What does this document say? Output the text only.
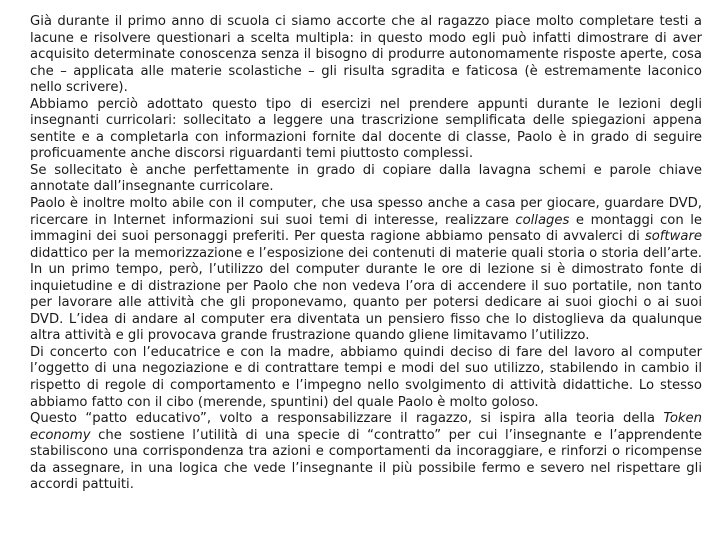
Già durante il primo anno di scuola ci siamo accorte che al ragazzo piace molto completare testi a lacune e risolvere questionari a scelta multipla: in questo modo egli può infatti dimostrare di aver acquisito determinate conoscenza senza il bisogno di produrre autonomamente risposte aperte, cosa che – applicata alle materie scolastiche – gli risulta sgradita e faticosa (è estremamente laconico nello scrivere).

Abbiamo perciò adottato questo tipo di esercizi nel prendere appunti durante le lezioni degli insegnanti curricolari: sollecitato a leggere una trascrizione semplificata delle spiegazioni appena sentite e a completarla con informazioni fornite dal docente di classe, Paolo è in grado di seguire proficuamente anche discorsi riguardanti temi piuttosto complessi.

Se sollecitato è anche perfettamente in grado di copiare dalla lavagna schemi e parole chiave annotate dall’insegnante curricolare.

Paolo è inoltre molto abile con il computer, che usa spesso anche a casa per giocare, guardare DVD, ricercare in Internet informazioni sui suoi temi di interesse, realizzare collages e montaggi con le immagini dei suoi personaggi preferiti. Per questa ragione abbiamo pensato di avvalerci di software didattico per la memorizzazione e l’esposizione dei contenuti di materie quali storia o storia dell’arte. In un primo tempo, però, l’utilizzo del computer durante le ore di lezione si è dimostrato fonte di inquietudine e di distrazione per Paolo che non vedeva l’ora di accendere il suo portatile, non tanto per lavorare alle attività che gli proponevamo, quanto per potersi dedicare ai suoi giochi o ai suoi DVD. L’idea di andare al computer era diventata un pensiero fisso che lo distoglieva da qualunque altra attività e gli provocava grande frustrazione quando gliene limitavamo l’utilizzo.

Di concerto con l’educatrice e con la madre, abbiamo quindi deciso di fare del lavoro al computer l’oggetto di una negoziazione e di contrattare tempi e modi del suo utilizzo, stabilendo in cambio il rispetto di regole di comportamento e l’impegno nello svolgimento di attività didattiche. Lo stesso abbiamo fatto con il cibo (merende, spuntini) del quale Paolo è molto goloso.

Questo “patto educativo”, volto a responsabilizzare il ragazzo, si ispira alla teoria della Token economy che sostiene l’utilità di una specie di “contratto” per cui l’insegnante e l’apprendente stabiliscono una corrispondenza tra azioni e comportamenti da incoraggiare, e rinforzi o ricompense da assegnare, in una logica che vede l’insegnante il più possibile fermo e severo nel rispettare gli accordi pattuiti.
